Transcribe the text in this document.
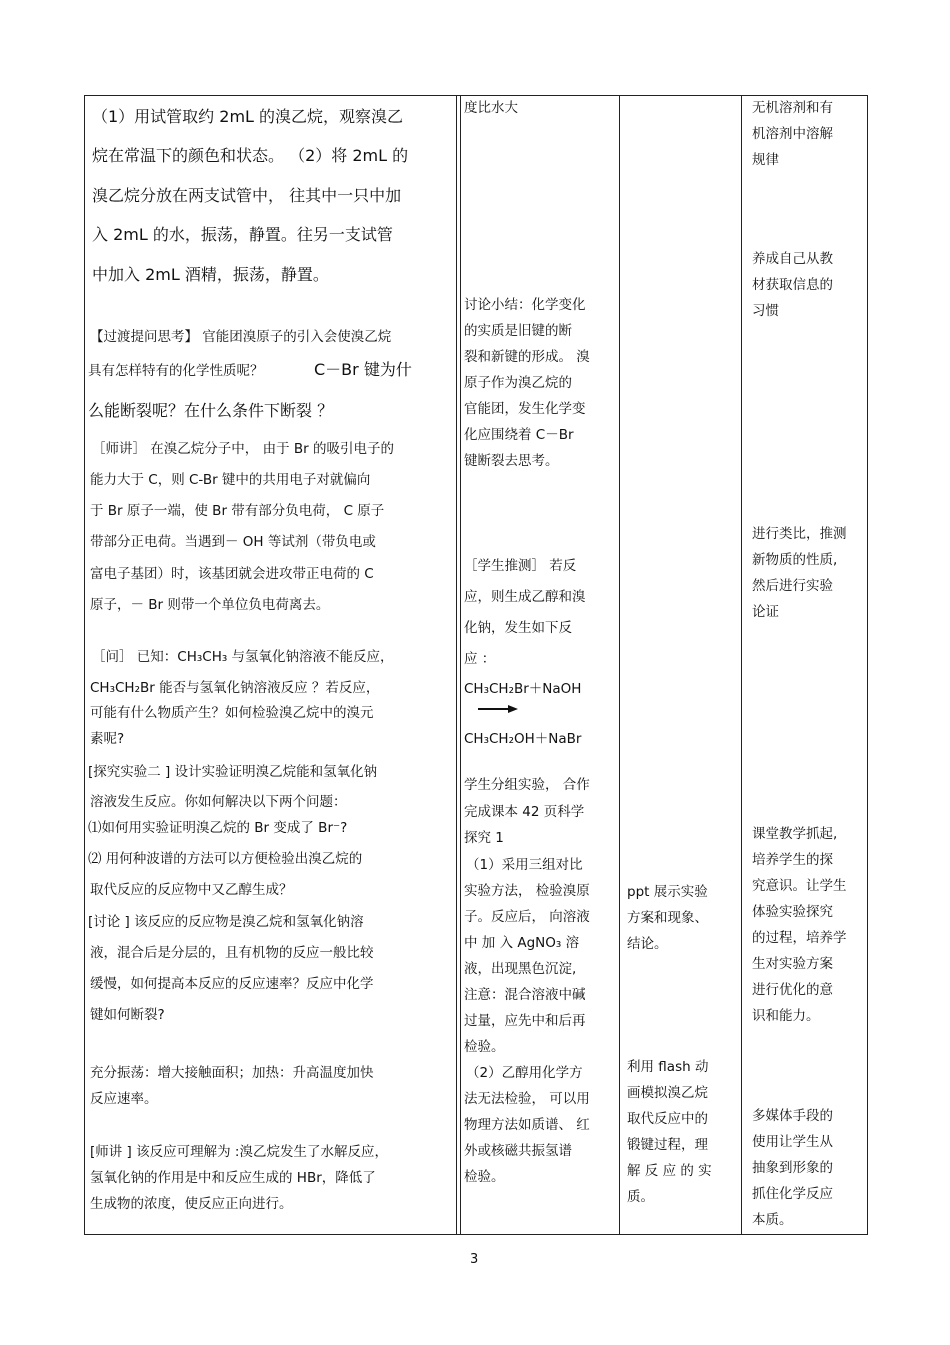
（1）用试管取约 2mL 的溴乙烷，观察溴乙
烷在常温下的颜色和状态。 （2）将 2mL 的
溴乙烷分放在两支试管中， 往其中一只中加
入 2mL 的水，振荡，静置。往另一支试管
中加入 2mL 酒精，振荡，静置。
【过渡提问思考】 官能团溴原子的引入会使溴乙烷
具有怎样特有的化学性质呢？	C－Br 键为什
么能断裂呢？在什么条件下断裂 ？
［师讲］ 在溴乙烷分子中， 由于 Br 的吸引电子的
能力大于 C，则 C-Br 键中的共用电子对就偏向
于 Br 原子一端，使 Br 带有部分负电荷， C 原子
带部分正电荷。当遇到－ OH 等试剂（带负电或
富电子基团）时，该基团就会进攻带正电荷的 C
原子，－ Br 则带一个单位负电荷离去。
［问］ 已知：CH₃CH₃ 与氢氧化钠溶液不能反应，
CH₃CH₂Br 能否与氢氧化钠溶液反应 ？若反应，
可能有什么物质产生？如何检验溴乙烷中的溴元
素呢?
[探究实验二 ] 设计实验证明溴乙烷能和氢氧化钠
溶液发生反应。你如何解决以下两个问题：
⑴如何用实验证明溴乙烷的 Br 变成了 Br⁻?
⑵ 用何种波谱的方法可以方便检验出溴乙烷的
取代反应的反应物中又乙醇生成？
[讨论 ] 该反应的反应物是溴乙烷和氢氧化钠溶
液，混合后是分层的，且有机物的反应一般比较
缓慢，如何提高本反应的反应速率？反应中化学
键如何断裂?
充分振荡：增大接触面积；加热：升高温度加快
反应速率。
[师讲 ] 该反应可理解为 :溴乙烷发生了水解反应，
氢氧化钠的作用是中和反应生成的 HBr，降低了
生成物的浓度，使反应正向进行。
度比水大
讨论小结：化学变化
的实质是旧键的断
裂和新键的形成。 溴
原子作为溴乙烷的
官能团，发生化学变
化应围绕着 C－Br
键断裂去思考。
［学生推测］ 若反
应，则生成乙醇和溴
化钠，发生如下反
应 ：
CH₃CH₂Br＋NaOH
CH₃CH₂OH＋NaBr
学生分组实验， 合作
完成课本 42 页科学
探究 1
（1）采用三组对比
实验方法， 检验溴原
子。反应后， 向溶液
中 加 入 AgNO₃ 溶
液，出现黑色沉淀,
注意：混合溶液中碱
过量，应先中和后再
检验。
（2）乙醇用化学方
法无法检验， 可以用
物理方法如质谱、 红
外或核磁共振氢谱
检验。
ppt 展示实验
方案和现象、
结论。
利用 flash 动
画模拟溴乙烷
取代反应中的
锻键过程，理
解 反 应 的 实
质。
无机溶剂和有
机溶剂中溶解
规律
养成自己从教
材获取信息的
习惯
进行类比，推测
新物质的性质,
然后进行实验
论证
课堂教学抓起,
培养学生的探
究意识。让学生
体验实验探究
的过程，培养学
生对实验方案
进行优化的意
识和能力。
多媒体手段的
使用让学生从
抽象到形象的
抓住化学反应
本质。
3
